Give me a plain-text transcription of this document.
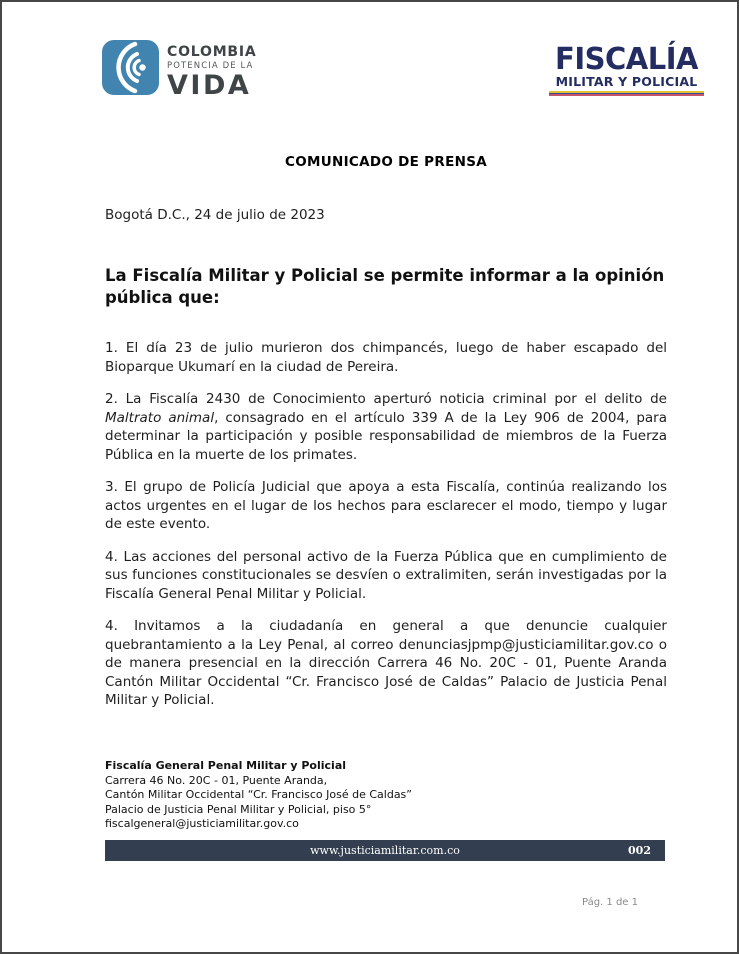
COLOMBIA
POTENCIA DE LA
VIDA
FISCALÍA
MILITAR Y POLICIAL
COMUNICADO DE PRENSA
Bogotá D.C., 24 de julio de 2023
La Fiscalía Militar y Policial se permite informar a la opinión pública que:

1. El día 23 de julio murieron dos chimpancés, luego de haber escapado del Bioparque Ukumarí en la ciudad de Pereira.

2. La Fiscalía 2430 de Conocimiento aperturó noticia criminal por el delito de Maltrato animal, consagrado en el artículo 339 A de la Ley 906 de 2004, para determinar la participación y posible responsabilidad de miembros de la Fuerza Pública en la muerte de los primates.

3. El grupo de Policía Judicial que apoya a esta Fiscalía, continúa realizando los actos urgentes en el lugar de los hechos para esclarecer el modo, tiempo y lugar de este evento.

4. Las acciones del personal activo de la Fuerza Pública que en cumplimiento de sus funciones constitucionales se desvíen o extralimiten, serán investigadas por la Fiscalía General Penal Militar y Policial.

4. Invitamos a la ciudadanía en general a que denuncie cualquier quebrantamiento a la Ley Penal, al correo denunciasjpmp@justiciamilitar.gov.co o de manera presencial en la dirección Carrera 46 No. 20C - 01, Puente Aranda Cantón Militar Occidental “Cr. Francisco José de Caldas” Palacio de Justicia Penal Militar y Policial.

Fiscalía General Penal Militar y Policial
Carrera 46 No. 20C - 01, Puente Aranda,
Cantón Militar Occidental “Cr. Francisco José de Caldas”
Palacio de Justicia Penal Militar y Policial, piso 5°
fiscalgeneral@justiciamilitar.gov.co
www.justiciamilitar.com.co	002
Pág. 1 de 1
